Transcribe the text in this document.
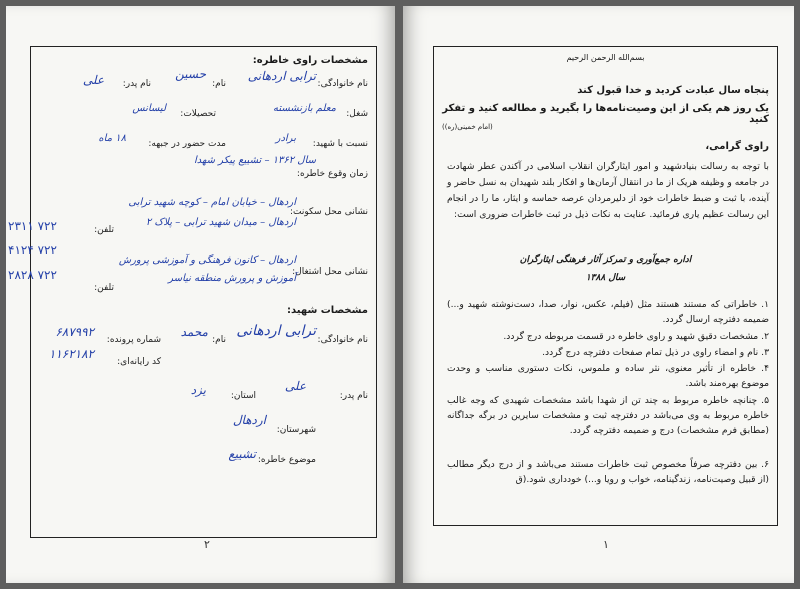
مشخصات راوی خاطره:
نام خانوادگی:
ترابی اردهانی
نام:
حسین
نام پدر:
علی
شغل:
معلم بازنشسته
تحصیلات:
لیسانس
نسبت با شهید:
برادر
مدت حضور در جبهه:
۱۸ ماه
زمان وقوع خاطره:
سال ۱۳۶۲ – تشییع پیکر شهدا
نشانی محل سکونت:
اردهال – خیابان امام – کوچه شهید ترابی
اردهال – میدان شهید ترابی – پلاک ۲
تلفن:
نشانی محل اشتغال:
اردهال – کانون فرهنگی و آموزشی پرورش
آموزش و پرورش منطقه نیاسر
تلفن:
مشخصات شهید:
نام خانوادگی:
ترابی اردهانی
نام:
محمد
شماره پرونده:
۶۸۷۹۹۲
کد رایانه‌ای:
۱۱۶۲۱۸۲
نام پدر:
علی
استان:
یزد
شهرستان:
اردهال
موضوع خاطره:
تشییع
۲۳۱۱ ۷۲۲
۴۱۲۴ ۷۲۲
۲۸۲۸ ۷۲۲
۲
بسم‌الله الرحمن الرحیم
پنجاه سال عبادت کردید و خدا قبول کند
یک روز هم یکی از این وصیت‌نامه‌ها را بگیرید و مطالعه کنید و تفکر کنید
(امام خمینی(ره))
راوی گرامی،
با توجه به رسالت بنیادشهید و امور ایثارگران انقلاب اسلامی در آکندن عطر شهادت در جامعه و وظیفه هریک از ما در انتقال آرمان‌ها و افکار بلند شهیدان به نسل حاضر و آینده، با ثبت و ضبط خاطرات خود از دلیرمردان عرصه حماسه و ایثار، ما را در انجام این رسالت عظیم یاری فرمائید. عنایت به نکات ذیل در ثبت خاطرات ضروری است:
اداره جمع‌آوری و تمرکز آثار فرهنگی ایثارگران
سال ۱۳۸۸
۱. خاطراتی که مستند هستند مثل (فیلم، عکس، نوار، صدا، دست‌نوشته شهید و...) ضمیمه دفترچه ارسال گردد.
۲. مشخصات دقیق شهید و راوی خاطره در قسمت مربوطه درج گردد.
۳. نام و امضاء راوی در ذیل تمام صفحات دفترچه درج گردد.
۴. خاطره از تأثیر معنوی، نثر ساده و ملموس، نکات دستوری مناسب و وحدت موضوع بهره‌مند باشد.
۵. چنانچه خاطره مربوط به چند تن از شهدا باشد مشخصات شهیدی که وجه غالب خاطره مربوط به وی می‌باشد در دفترچه ثبت و مشخصات سایرین در برگه جداگانه (مطابق فرم مشخصات) درج و ضمیمه دفترچه گردد.
۶. بین دفترچه صرفاً مخصوص ثبت خاطرات مستند می‌باشد و از درج دیگر مطالب (از قبیل وصیت‌نامه، زندگینامه، خواب و رویا و...) خودداری شود.(ق
۱
